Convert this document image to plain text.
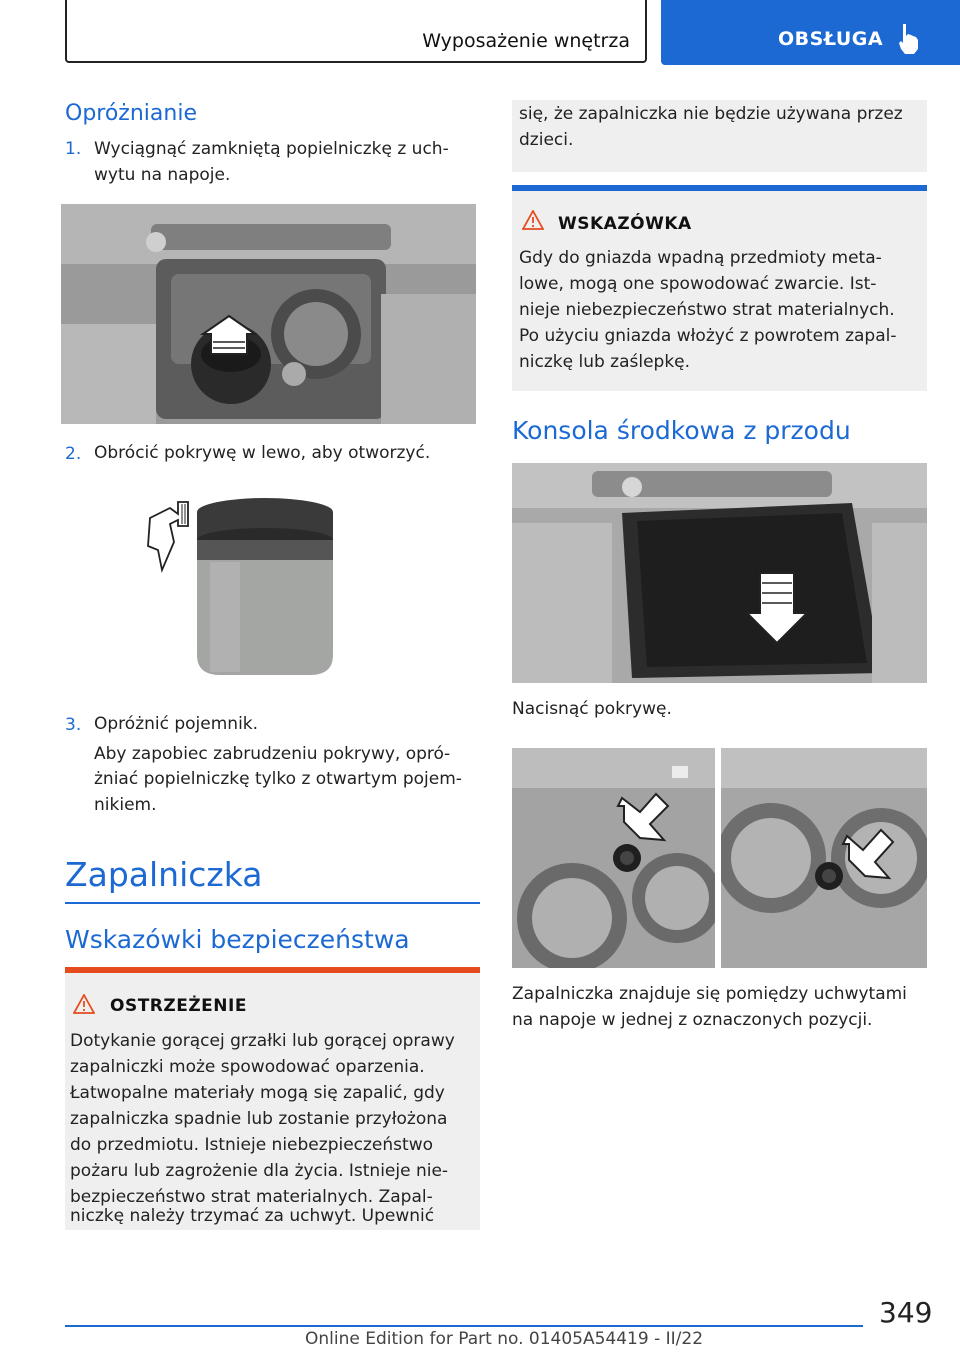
Wyposażenie wnętrza	OBSŁUGA
Opróżnianie
1. Wyciągnąć zamkniętą popielniczkę z uch‐
wytu na napoje.
2. Obrócić pokrywę w lewo, aby otworzyć.
3. Opróżnić pojemnik.
Aby zapobiec zabrudzeniu pokrywy, opró‐
żniać popielniczkę tylko z otwartym pojem‐
nikiem.
Zapalniczka
Wskazówki bezpieczeństwa
OSTRZEŻENIE
Dotykanie gorącej grzałki lub gorącej oprawy
zapalniczki może spowodować oparzenia.
Łatwopalne materiały mogą się zapalić, gdy
zapalniczka spadnie lub zostanie przyłożona
do przedmiotu. Istnieje niebezpieczeństwo
pożaru lub zagrożenie dla życia. Istnieje nie‐
bezpieczeństwo strat materialnych. Zapal‐
niczkę należy trzymać za uchwyt. Upewnić
się, że zapalniczka nie będzie używana przez
dzieci.
WSKAZÓWKA
Gdy do gniazda wpadną przedmioty meta‐
lowe, mogą one spowodować zwarcie. Ist‐
nieje niebezpieczeństwo strat materialnych.
Po użyciu gniazda włożyć z powrotem zapal‐
niczkę lub zaślepkę.
Konsola środkowa z przodu
Nacisnąć pokrywę.
Zapalniczka znajduje się pomiędzy uchwytami
na napoje w jednej z oznaczonych pozycji.
349
Online Edition for Part no. 01405A54419 - II/22
